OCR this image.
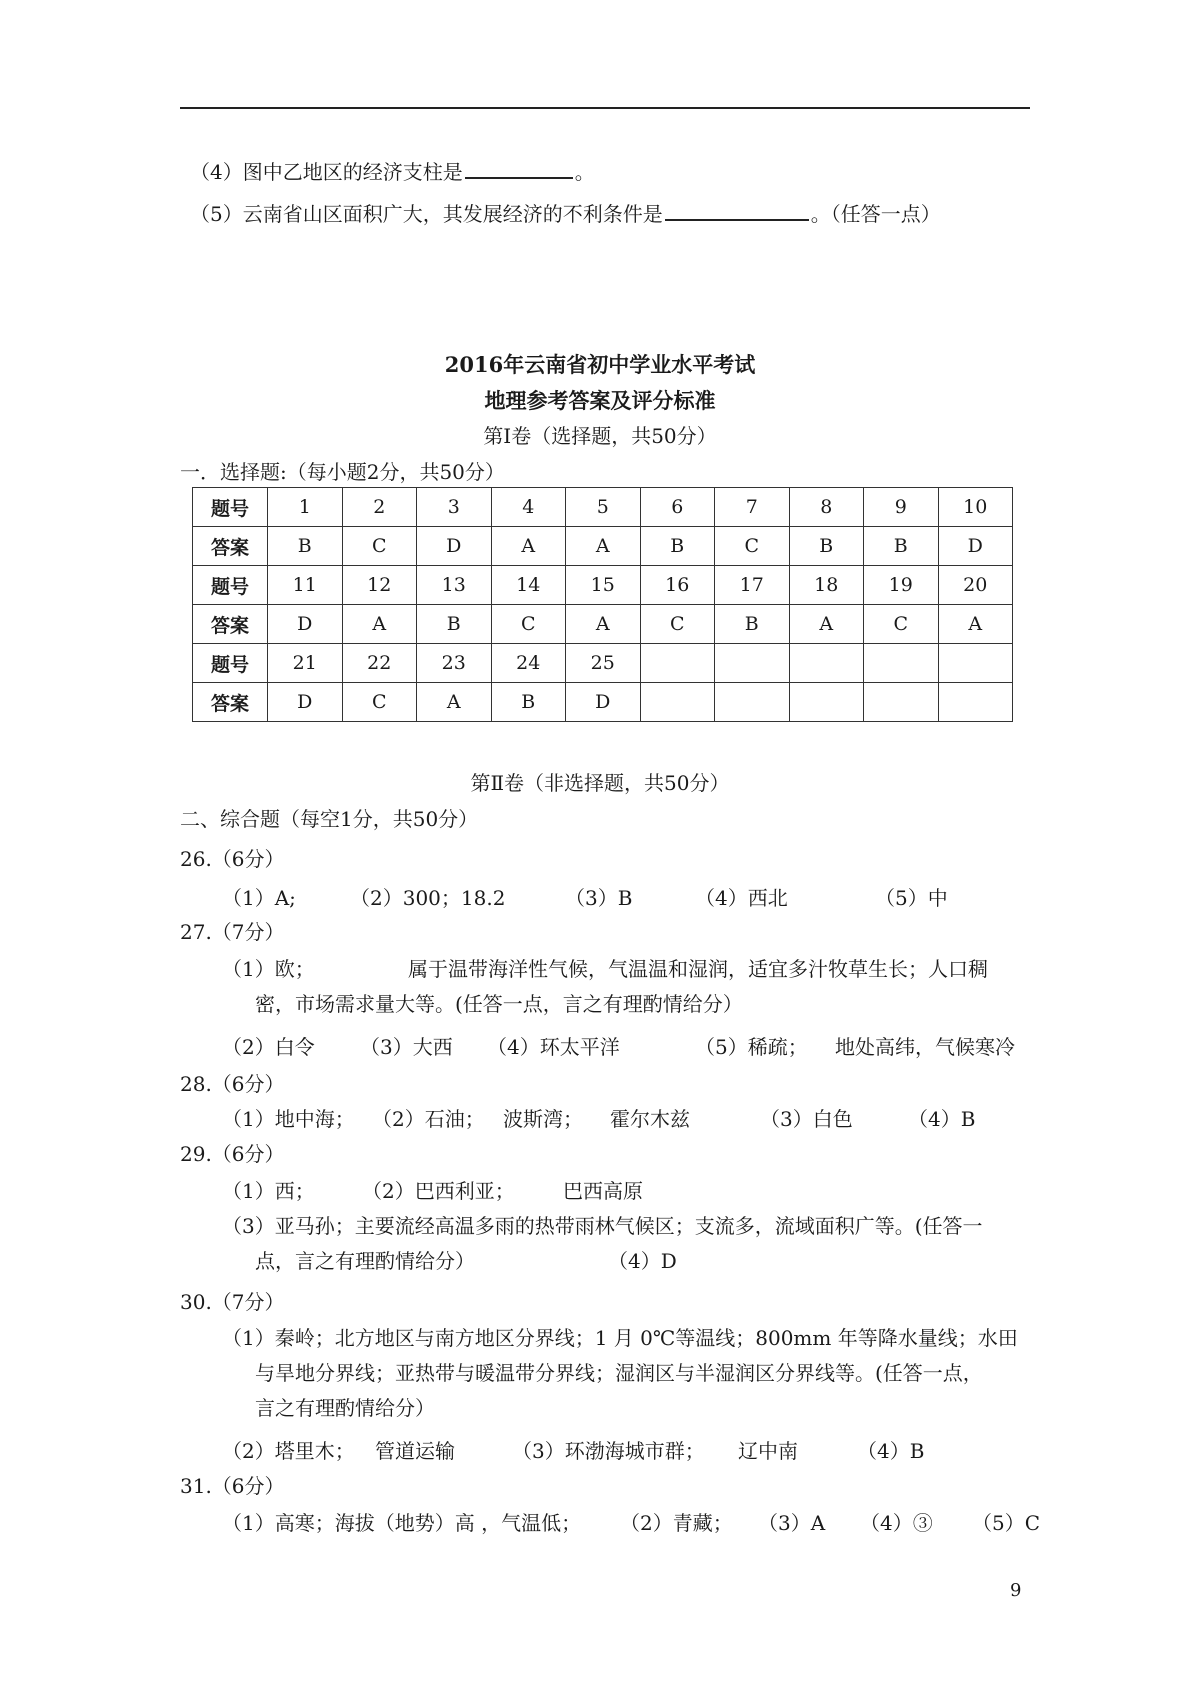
（4）图中乙地区的经济支柱是	。
（5）云南省山区面积广大，其发展经济的不利条件是	。（任答一点）
2016年云南省初中学业水平考试
地理参考答案及评分标准
第Ⅰ卷（选择题，共50分）
一．选择题:（每小题2分，共50分）
题号	1	2	3	4	5	6	7	8	9	10
答案	B	C	D	A	A	B	C	B	B	D
题号	11	12	13	14	15	16	17	18	19	20
答案	D	A	B	C	A	C	B	A	C	A
题号	21	22	23	24	25					
答案	D	C	A	B	D					
第Ⅱ卷（非选择题，共50分）
二、综合题（每空1分，共50分）
26.（6分）
（1）A;	（2）300；18.2	（3）B	（4）西北	（5）中
27.（7分）
（1）欧；	属于温带海洋性气候，气温温和湿润，适宜多汁牧草生长；人口稠
密，市场需求量大等。(任答一点，言之有理酌情给分）
（2）白令 （3）大西 （4）环太平洋	（5）稀疏； 地处高纬，气候寒冷
28.（6分）
（1）地中海； （2）石油； 波斯湾； 霍尔木兹	（3）白色	（4）B
29.（6分）
（1）西； （2）巴西利亚； 巴西高原
（3）亚马孙；主要流经高温多雨的热带雨林气候区；支流多，流域面积广等。(任答一
点，言之有理酌情给分）	（4）D
30.（7分）
（1）秦岭；北方地区与南方地区分界线；1 月 0℃等温线；800mm 年等降水量线；水田
与旱地分界线；亚热带与暖温带分界线；湿润区与半湿润区分界线等。(任答一点，
言之有理酌情给分）
（2）塔里木； 管道运输	（3）环渤海城市群； 辽中南	（4）B
31.（6分）
（1）高寒；海拔（地势）高 ，气温低； （2）青藏； （3）A （4）③ （5）C
9
